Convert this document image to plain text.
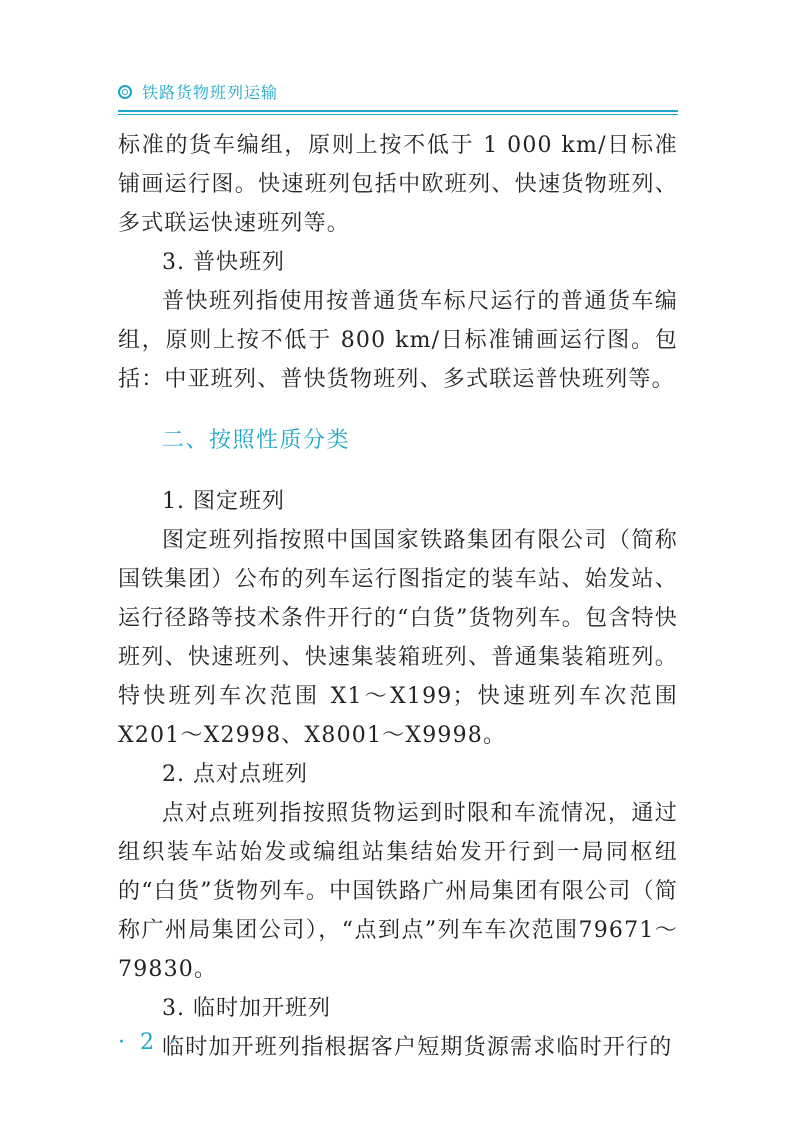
铁路货物班列运输

标准的货车编组，原则上按不低于 1 000 km/日标准铺画运行图。快速班列包括中欧班列、快速货物班列、多式联运快速班列等。

3. 普快班列

普快班列指使用按普通货车标尺运行的普通货车编组，原则上按不低于 800 km/日标准铺画运行图。包括：中亚班列、普快货物班列、多式联运普快班列等。

二、按照性质分类

1. 图定班列

图定班列指按照中国国家铁路集团有限公司（简称国铁集团）公布的列车运行图指定的装车站、始发站、运行径路等技术条件开行的“白货”货物列车。包含特快班列、快速班列、快速集装箱班列、普通集装箱班列。特快班列车次范围 X1～X199；快速班列车次范围 X201～X2998、X8001～X9998。

2. 点对点班列

点对点班列指按照货物运到时限和车流情况，通过组织装车站始发或编组站集结始发开行到一局同枢纽的“白货”货物列车。中国铁路广州局集团有限公司（简称广州局集团公司），“点到点”列车车次范围79671～79830。

3. 临时加开班列

临时加开班列指根据客户短期货源需求临时开行的

· 2 ·
